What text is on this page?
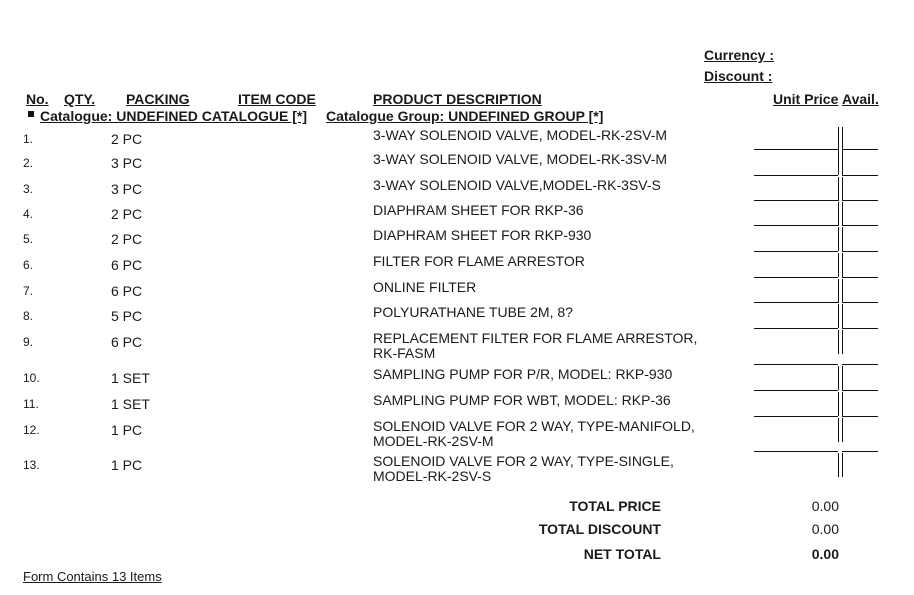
Currency :
Discount :
No. QTY. PACKING	ITEM CODE	PRODUCT DESCRIPTION	Unit Price Avail.
Catalogue: UNDEFINED CATALOGUE [*] Catalogue Group: UNDEFINED GROUP [*]
1.	2 PC	3-WAY SOLENOID VALVE, MODEL-RK-2SV-M
2.	3 PC	3-WAY SOLENOID VALVE, MODEL-RK-3SV-M
3.	3 PC	3-WAY SOLENOID VALVE,MODEL-RK-3SV-S
4.	2 PC	DIAPHRAM SHEET FOR RKP-36
5.	2 PC	DIAPHRAM SHEET FOR RKP-930
6.	6 PC	FILTER FOR FLAME ARRESTOR
7.	6 PC	ONLINE FILTER
8.	5 PC	POLYURATHANE TUBE 2M, 8?
9.	6 PC	REPLACEMENT FILTER FOR FLAME ARRESTOR, RK-FASM
10.	1 SET	SAMPLING PUMP FOR P/R, MODEL: RKP-930
11.	1 SET	SAMPLING PUMP FOR WBT, MODEL: RKP-36
12.	1 PC	SOLENOID VALVE FOR 2 WAY, TYPE-MANIFOLD, MODEL-RK-2SV-M
13.	1 PC	SOLENOID VALVE FOR 2 WAY, TYPE-SINGLE, MODEL-RK-2SV-S
TOTAL PRICE	0.00
TOTAL DISCOUNT	0.00
NET TOTAL	0.00
Form Contains 13 Items
